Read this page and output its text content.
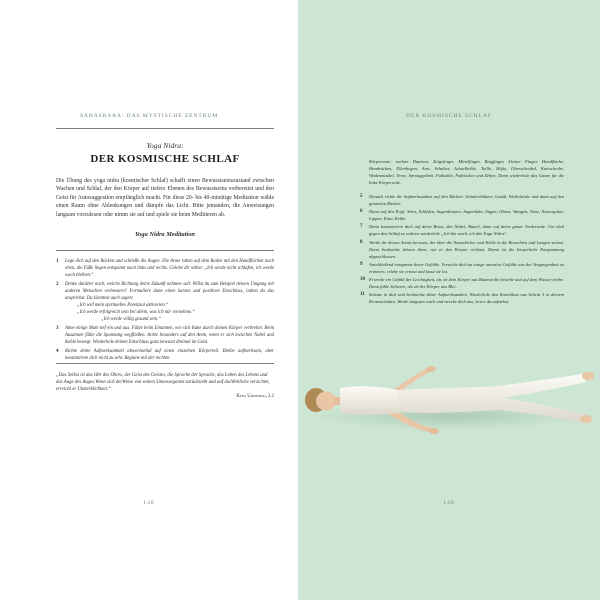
SAHASRARA: DAS MYSTISCHE ZENTRUM
Yoga Nidra:
DER KOSMISCHE SCHLAF

Die Übung des yoga nidra (kosmischer Schlaf) schafft einen Bewusstseinszustand zwischen Wachen und Schlaf, der den Körper auf tiefere Ebenen des Bewusstseins vorbereitet und den Geist für Autosuggestion empfänglich macht. Für diese 20- bis 40-minütige Meditation wähle einen Raum ohne Ablenkungen und dämpfe das Licht. Bitte jemanden, die Anweisungen langsam vorzulesen oder nimm sie auf und spiele sie beim Meditieren ab.

Yoga Nidra Meditation
1	Lege dich auf den Rücken und schließe die Augen. Die Arme ruhen auf dem Boden mit den Handflächen nach oben, die Füße liegen entspannt nach links und rechts. Gelobe dir selbst: „Ich werde nicht schlafen, ich werde wach bleiben.“
2	Denke darüber nach, welche Richtung deine Zukunft nehmen soll. Willst du zum Beispiel deinen Umgang mit anderen Menschen verbessern? Formuliere dann einen kurzen und positiven Entschluss, indem du das ansprichst. Du könntest auch sagen:
„Ich will mein spirituelles Potenzial aktivieren.“
„Ich werde erfolgreich sein bei allem, was ich mir vornehme.“
„Ich werde völlig gesund sein.“
3	Atme einige Male tief ein und aus. Fühle beim Einatmen, wie sich Ruhe durch deinen Körper verbreitet. Beim Ausatmen fühle die Spannung wegfließen. Achte besonders auf den Atem, wenn er sich zwischen Nabel und Kehle bewegt. Wiederhole deinen Entschluss ganz bewusst dreimal im Geist.
4	Richte deine Aufmerksamkeit abwechselnd auf einen einzelnen Körperteil. Bleibe aufmerksam, aber konzentriere dich nicht zu sehr. Beginne mit der rechten
„Das Selbst ist das Ohr des Ohres, der Geist des Geistes, die Sprache der Sprache, das Leben des Lebens und das Auge des Auges.Wenn sich derWeise von seinen Sinnesorganen zurückzieht und auf dasWeltliche verzichtet, erreicht er Unsterblichkeit.“
Kena Upanishad, 2.2
148
DER KOSMISCHE SCHLAF

Körperseite: rechter Daumen, Zeigefinger, Mittelfinger, Ringfinger, kleiner Finger, Handfläche, Handrücken, Ellenbogen, Arm, Schulter, Achselhöhle, Taille, Hüfte, Oberschenkel, Kniescheibe, Wadenmuskel, Verse, Sprunggelenk, Fußsohle, Fußrücken und Zehen. Dann wiederhole das Ganze für die linke Körperseite.

5	Danach richte die Aufmerksamkeit auf den Rücken: Schulterblätter, Gesäß, Wirbelsäule und dann auf den gesamten Rücken.
6	Dann auf den Kopf: Stirn, Schläfen, Augenbrauen, Augenlider, Augen, Ohren, Wangen, Nase, Nasenspitze, Lippen, Kinn, Kehle.
7	Dann konzentriere dich auf deine Brust, den Nabel, Bauch, dann auf deine ganze Vorderseite. Um dich gegen den Schlaf zu wehren wiederhole „Ich bin wach, ich übe Yoga Nidra“.
8	Werde dir deines Atems bewusst, der über die Nasenlöcher und Kehle in die Bronchien und Lungen strömt. Dann beobachte deinen Atem, wie er den Körper verlässt. Damit ist die körperliche Entspannung abgeschlossen.
9	Anschließend entspanne deine Gefühle. Versuche dich an einige intensive Gefühle aus der Vergangenheit zu erinnern, erlebe sie erneut und lasse sie los.
10 Erwecke ein Gefühl der Leichtigkeit, als ob dein Körper aus Baumwolle bestehe und auf dem Wasser treibe. Dann fühle Schwere, als ob der Körper aus Blei.
11 Schaue in dich und beobachte deine Aufmerksamkeit. Wiederhole den Entschluss aus Schritt 3 in deinem Kronenchakra. Werde langsam wach und strecke dich aus, bevor du aufstehst.
149
